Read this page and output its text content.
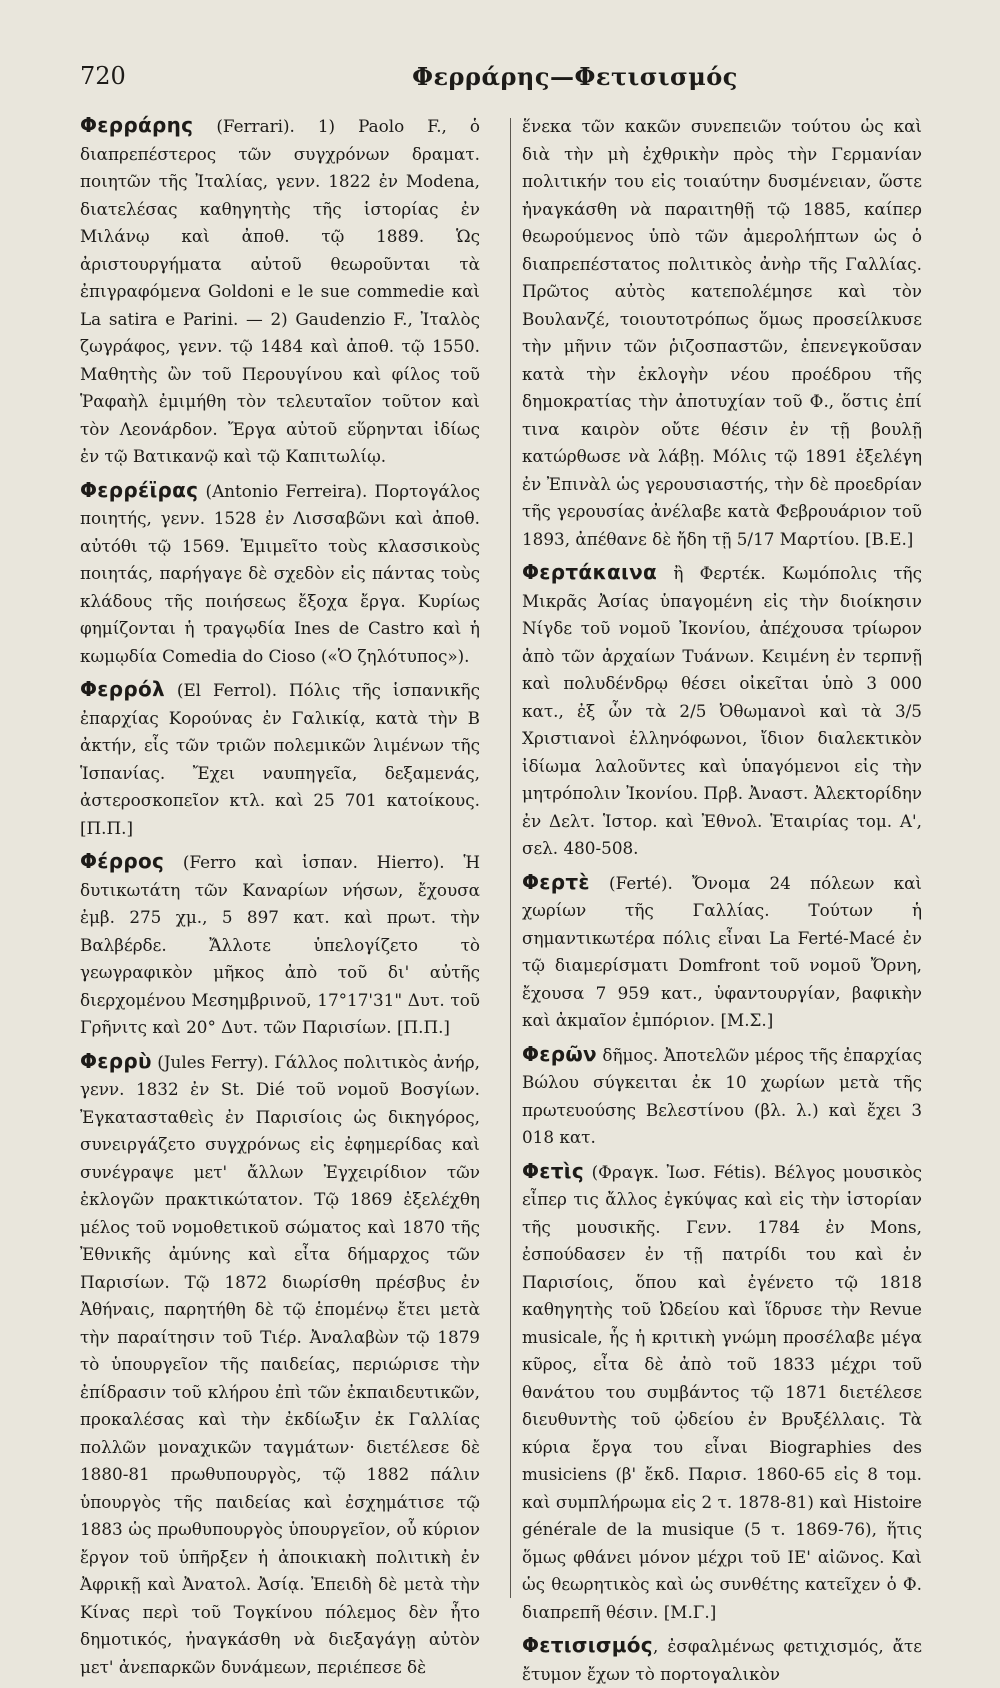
720	Φερράρης—Φετισισμός

Φερράρης (Ferrari). 1) Paolo F., ὁ διαπρεπέστερος τῶν συγχρόνων δραματ. ποιητῶν τῆς Ἰταλίας, γενν. 1822 ἐν Modena, διατελέσας καθηγητὴς τῆς ἱστορίας ἐν Μιλάνῳ καὶ ἀποθ. τῷ 1889. Ὡς ἀριστουργήματα αὐτοῦ θεωροῦνται τὰ ἐπιγραφόμενα Goldoni e le sue commedie καὶ La satira e Parini. — 2) Gaudenzio F., Ἰταλὸς ζωγράφος, γενν. τῷ 1484 καὶ ἀποθ. τῷ 1550. Μαθητὴς ὢν τοῦ Περουγίνου καὶ φίλος τοῦ Ῥαφαὴλ ἐμιμήθη τὸν τελευταῖον τοῦτον καὶ τὸν Λεονάρδον. Ἔργα αὐτοῦ εὕρηνται ἰδίως ἐν τῷ Βατικανῷ καὶ τῷ Καπιτωλίῳ.

Φερρέϊρας (Antonio Ferreira). Πορτογάλος ποιητής, γενν. 1528 ἐν Λισσαβῶνι καὶ ἀποθ. αὐτόθι τῷ 1569. Ἐμιμεῖτο τοὺς κλασσικοὺς ποιητάς, παρήγαγε δὲ σχεδὸν εἰς πάντας τοὺς κλάδους τῆς ποιήσεως ἔξοχα ἔργα. Κυρίως φημίζονται ἡ τραγῳδία Ines de Castro καὶ ἡ κωμῳδία Comedia do Cioso («Ὁ ζηλότυπος»).

Φερρόλ (El Ferrol). Πόλις τῆς ἱσπανικῆς ἐπαρχίας Κορούνας ἐν Γαλικίᾳ, κατὰ τὴν Β ἀκτήν, εἷς τῶν τριῶν πολεμικῶν λιμένων τῆς Ἱσπανίας. Ἔχει ναυπηγεῖα, δεξαμενάς, ἀστεροσκοπεῖον κτλ. καὶ 25 701 κατοίκους. [Π.Π.]

Φέρρος (Ferro καὶ ἱσπαν. Hierro). Ἡ δυτικωτάτη τῶν Καναρίων νήσων, ἔχουσα ἐμβ. 275 χμ., 5 897 κατ. καὶ πρωτ. τὴν Βαλβέρδε. Ἄλλοτε ὑπελογίζετο τὸ γεωγραφικὸν μῆκος ἀπὸ τοῦ δι' αὐτῆς διερχομένου Μεσημβρινοῦ, 17°17'31" Δυτ. τοῦ Γρῆνιτς καὶ 20° Δυτ. τῶν Παρισίων. [Π.Π.]

Φερρὺ (Jules Ferry). Γάλλος πολιτικὸς ἀνήρ, γενν. 1832 ἐν St. Dié τοῦ νομοῦ Βοσγίων. Ἐγκατασταθεὶς ἐν Παρισίοις ὡς δικηγόρος, συνειργάζετο συγχρόνως εἰς ἐφημερίδας καὶ συνέγραψε μετ' ἄλλων Ἐγχειρίδιον τῶν ἐκλογῶν πρακτικώτατον. Τῷ 1869 ἐξελέχθη μέλος τοῦ νομοθετικοῦ σώματος καὶ 1870 τῆς Ἐθνικῆς ἀμύνης καὶ εἶτα δήμαρχος τῶν Παρισίων. Τῷ 1872 διωρίσθη πρέσβυς ἐν Ἀθήναις, παρητήθη δὲ τῷ ἑπομένῳ ἔτει μετὰ τὴν παραίτησιν τοῦ Τιέρ. Ἀναλαβὼν τῷ 1879 τὸ ὑπουργεῖον τῆς παιδείας, περιώρισε τὴν ἐπίδρασιν τοῦ κλήρου ἐπὶ τῶν ἐκπαιδευτικῶν, προκαλέσας καὶ τὴν ἐκδίωξιν ἐκ Γαλλίας πολλῶν μοναχικῶν ταγμάτων· διετέλεσε δὲ 1880-81 πρωθυπουργὸς, τῷ 1882 πάλιν ὑπουργὸς τῆς παιδείας καὶ ἐσχημάτισε τῷ 1883 ὡς πρωθυπουργὸς ὑπουργεῖον, οὗ κύριον ἔργον τοῦ ὑπῆρξεν ἡ ἀποικιακὴ πολιτικὴ ἐν Ἀφρικῇ καὶ Ἀνατολ. Ἀσίᾳ. Ἐπειδὴ δὲ μετὰ τὴν Κίνας περὶ τοῦ Τογκίνου πόλεμος δὲν ἦτο δημοτικός, ἠναγκάσθη νὰ διεξαγάγῃ αὐτὸν μετ' ἀνεπαρκῶν δυνάμεων, περιέπεσε δὲ

ἕνεκα τῶν κακῶν συνεπειῶν τούτου ὡς καὶ διὰ τὴν μὴ ἐχθρικὴν πρὸς τὴν Γερμανίαν πολιτικήν του εἰς τοιαύτην δυσμένειαν, ὥστε ἠναγκάσθη νὰ παραιτηθῇ τῷ 1885, καίπερ θεωρούμενος ὑπὸ τῶν ἀμερολήπτων ὡς ὁ διαπρεπέστατος πολιτικὸς ἀνὴρ τῆς Γαλλίας. Πρῶτος αὐτὸς κατεπολέμησε καὶ τὸν Βουλανζέ, τοιουτοτρόπως ὅμως προσείλκυσε τὴν μῆνιν τῶν ῥιζοσπαστῶν, ἐπενεγκοῦσαν κατὰ τὴν ἐκλογὴν νέου προέδρου τῆς δημοκρατίας τὴν ἀποτυχίαν τοῦ Φ., ὅστις ἐπί τινα καιρὸν οὔτε θέσιν ἐν τῇ βουλῇ κατώρθωσε νὰ λάβῃ. Μόλις τῷ 1891 ἐξελέγη ἐν Ἐπινὰλ ὡς γερουσιαστής, τὴν δὲ προεδρίαν τῆς γερουσίας ἀνέλαβε κατὰ Φεβρουάριον τοῦ 1893, ἀπέθανε δὲ ἤδη τῇ 5/17 Μαρτίου. [Β.Ε.]

Φερτάκαινα ἢ Φερτέκ. Κωμόπολις τῆς Μικρᾶς Ἀσίας ὑπαγομένη εἰς τὴν διοίκησιν Νίγδε τοῦ νομοῦ Ἰκονίου, ἀπέχουσα τρίωρον ἀπὸ τῶν ἀρχαίων Τυάνων. Κειμένη ἐν τερπνῇ καὶ πολυδένδρῳ θέσει οἰκεῖται ὑπὸ 3 000 κατ., ἐξ ὧν τὰ 2/5 Ὀθωμανοὶ καὶ τὰ 3/5 Χριστιανοὶ ἑλληνόφωνοι, ἴδιον διαλεκτικὸν ἰδίωμα λαλοῦντες καὶ ὑπαγόμενοι εἰς τὴν μητρόπολιν Ἰκονίου. Πρβ. Ἀναστ. Ἀλεκτορίδην ἐν Δελτ. Ἱστορ. καὶ Ἐθνολ. Ἑταιρίας τομ. Α', σελ. 480-508.

Φερτὲ (Ferté). Ὄνομα 24 πόλεων καὶ χωρίων τῆς Γαλλίας. Τούτων ἡ σημαντικωτέρα πόλις εἶναι La Ferté-Macé ἐν τῷ διαμερίσματι Domfront τοῦ νομοῦ Ὄρνη, ἔχουσα 7 959 κατ., ὑφαντουργίαν, βαφικὴν καὶ ἀκμαῖον ἐμπόριον. [Μ.Σ.]

Φερῶν δῆμος. Ἀποτελῶν μέρος τῆς ἐπαρχίας Βώλου σύγκειται ἐκ 10 χωρίων μετὰ τῆς πρωτευούσης Βελεστίνου (βλ. λ.) καὶ ἔχει 3 018 κατ.

Φετὶς (Φραγκ. Ἰωσ. Fétis). Βέλγος μουσικὸς εἶπερ τις ἄλλος ἐγκύψας καὶ εἰς τὴν ἱστορίαν τῆς μουσικῆς. Γενν. 1784 ἐν Mons, ἐσπούδασεν ἐν τῇ πατρίδι του καὶ ἐν Παρισίοις, ὅπου καὶ ἐγένετο τῷ 1818 καθηγητὴς τοῦ Ὠδείου καὶ ἵδρυσε τὴν Revue musicale, ἧς ἡ κριτικὴ γνώμη προσέλαβε μέγα κῦρος, εἶτα δὲ ἀπὸ τοῦ 1833 μέχρι τοῦ θανάτου του συμβάντος τῷ 1871 διετέλεσε διευθυντὴς τοῦ ᾠδείου ἐν Βρυξέλλαις. Τὰ κύρια ἔργα του εἶναι Biographies des musiciens (β' ἔκδ. Παρισ. 1860-65 εἰς 8 τομ. καὶ συμπλήρωμα εἰς 2 τ. 1878-81) καὶ Histoire générale de la musique (5 τ. 1869-76), ἥτις ὅμως φθάνει μόνον μέχρι τοῦ ΙΕ' αἰῶνος. Καὶ ὡς θεωρητικὸς καὶ ὡς συνθέτης κατεῖχεν ὁ Φ. διαπρεπῆ θέσιν. [Μ.Γ.]

Φετισισμός, ἐσφαλμένως φετιχισμός, ἄτε ἔτυμον ἔχων τὸ πορτογαλικὸν
